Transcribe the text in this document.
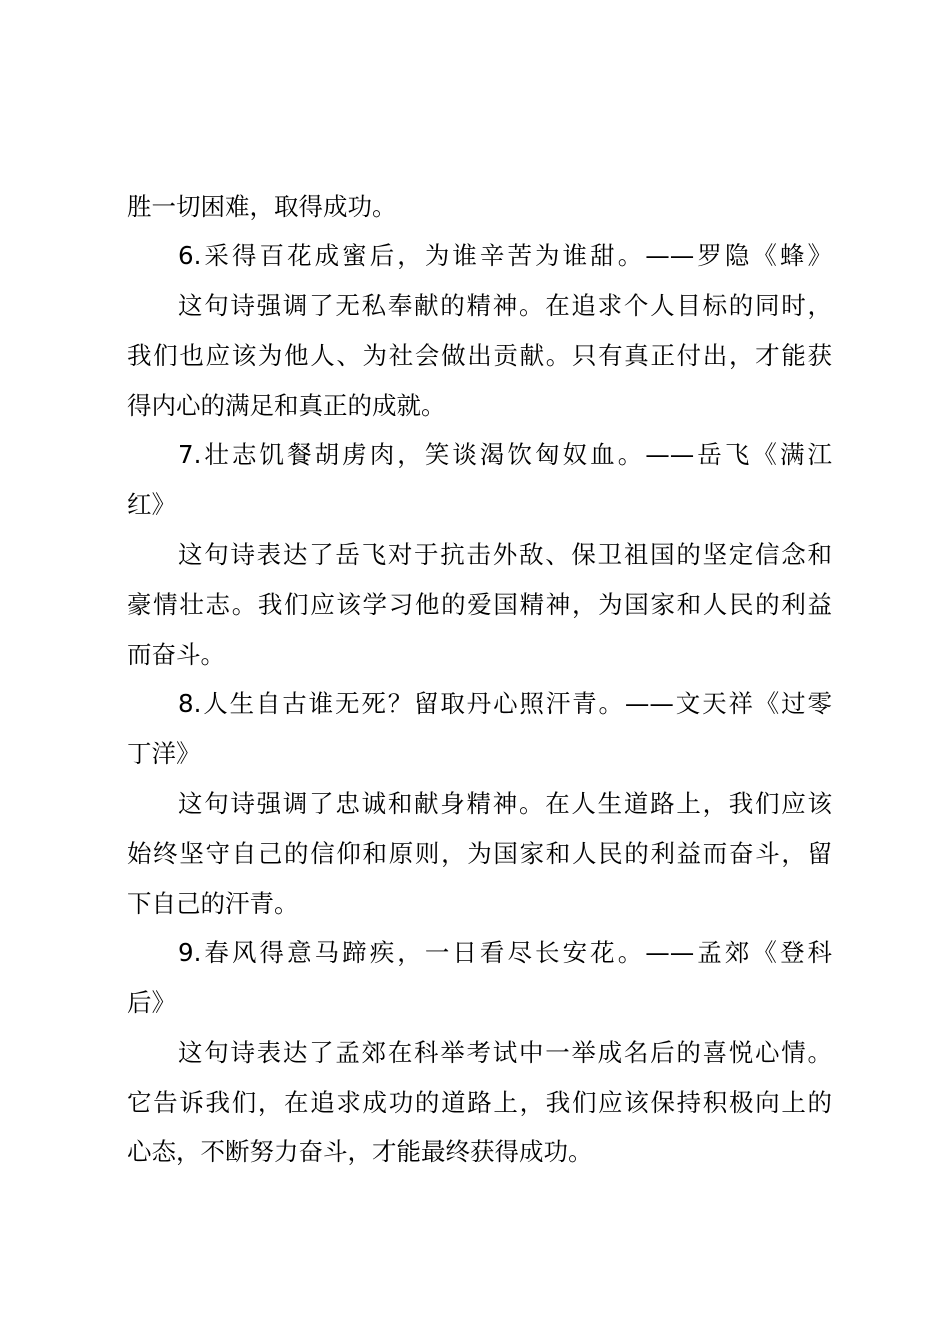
胜一切困难，取得成功。
6.采得百花成蜜后，为谁辛苦为谁甜。——罗隐《蜂》
这句诗强调了无私奉献的精神。在追求个人目标的同时，
我们也应该为他人、为社会做出贡献。只有真正付出，才能获
得内心的满足和真正的成就。
7.壮志饥餐胡虏肉，笑谈渴饮匈奴血。——岳飞《满江
红》
这句诗表达了岳飞对于抗击外敌、保卫祖国的坚定信念和
豪情壮志。我们应该学习他的爱国精神，为国家和人民的利益
而奋斗。
8.人生自古谁无死？留取丹心照汗青。——文天祥《过零
丁洋》
这句诗强调了忠诚和献身精神。在人生道路上，我们应该
始终坚守自己的信仰和原则，为国家和人民的利益而奋斗，留
下自己的汗青。
9.春风得意马蹄疾，一日看尽长安花。——孟郊《登科
后》
这句诗表达了孟郊在科举考试中一举成名后的喜悦心情。
它告诉我们，在追求成功的道路上，我们应该保持积极向上的
心态，不断努力奋斗，才能最终获得成功。
